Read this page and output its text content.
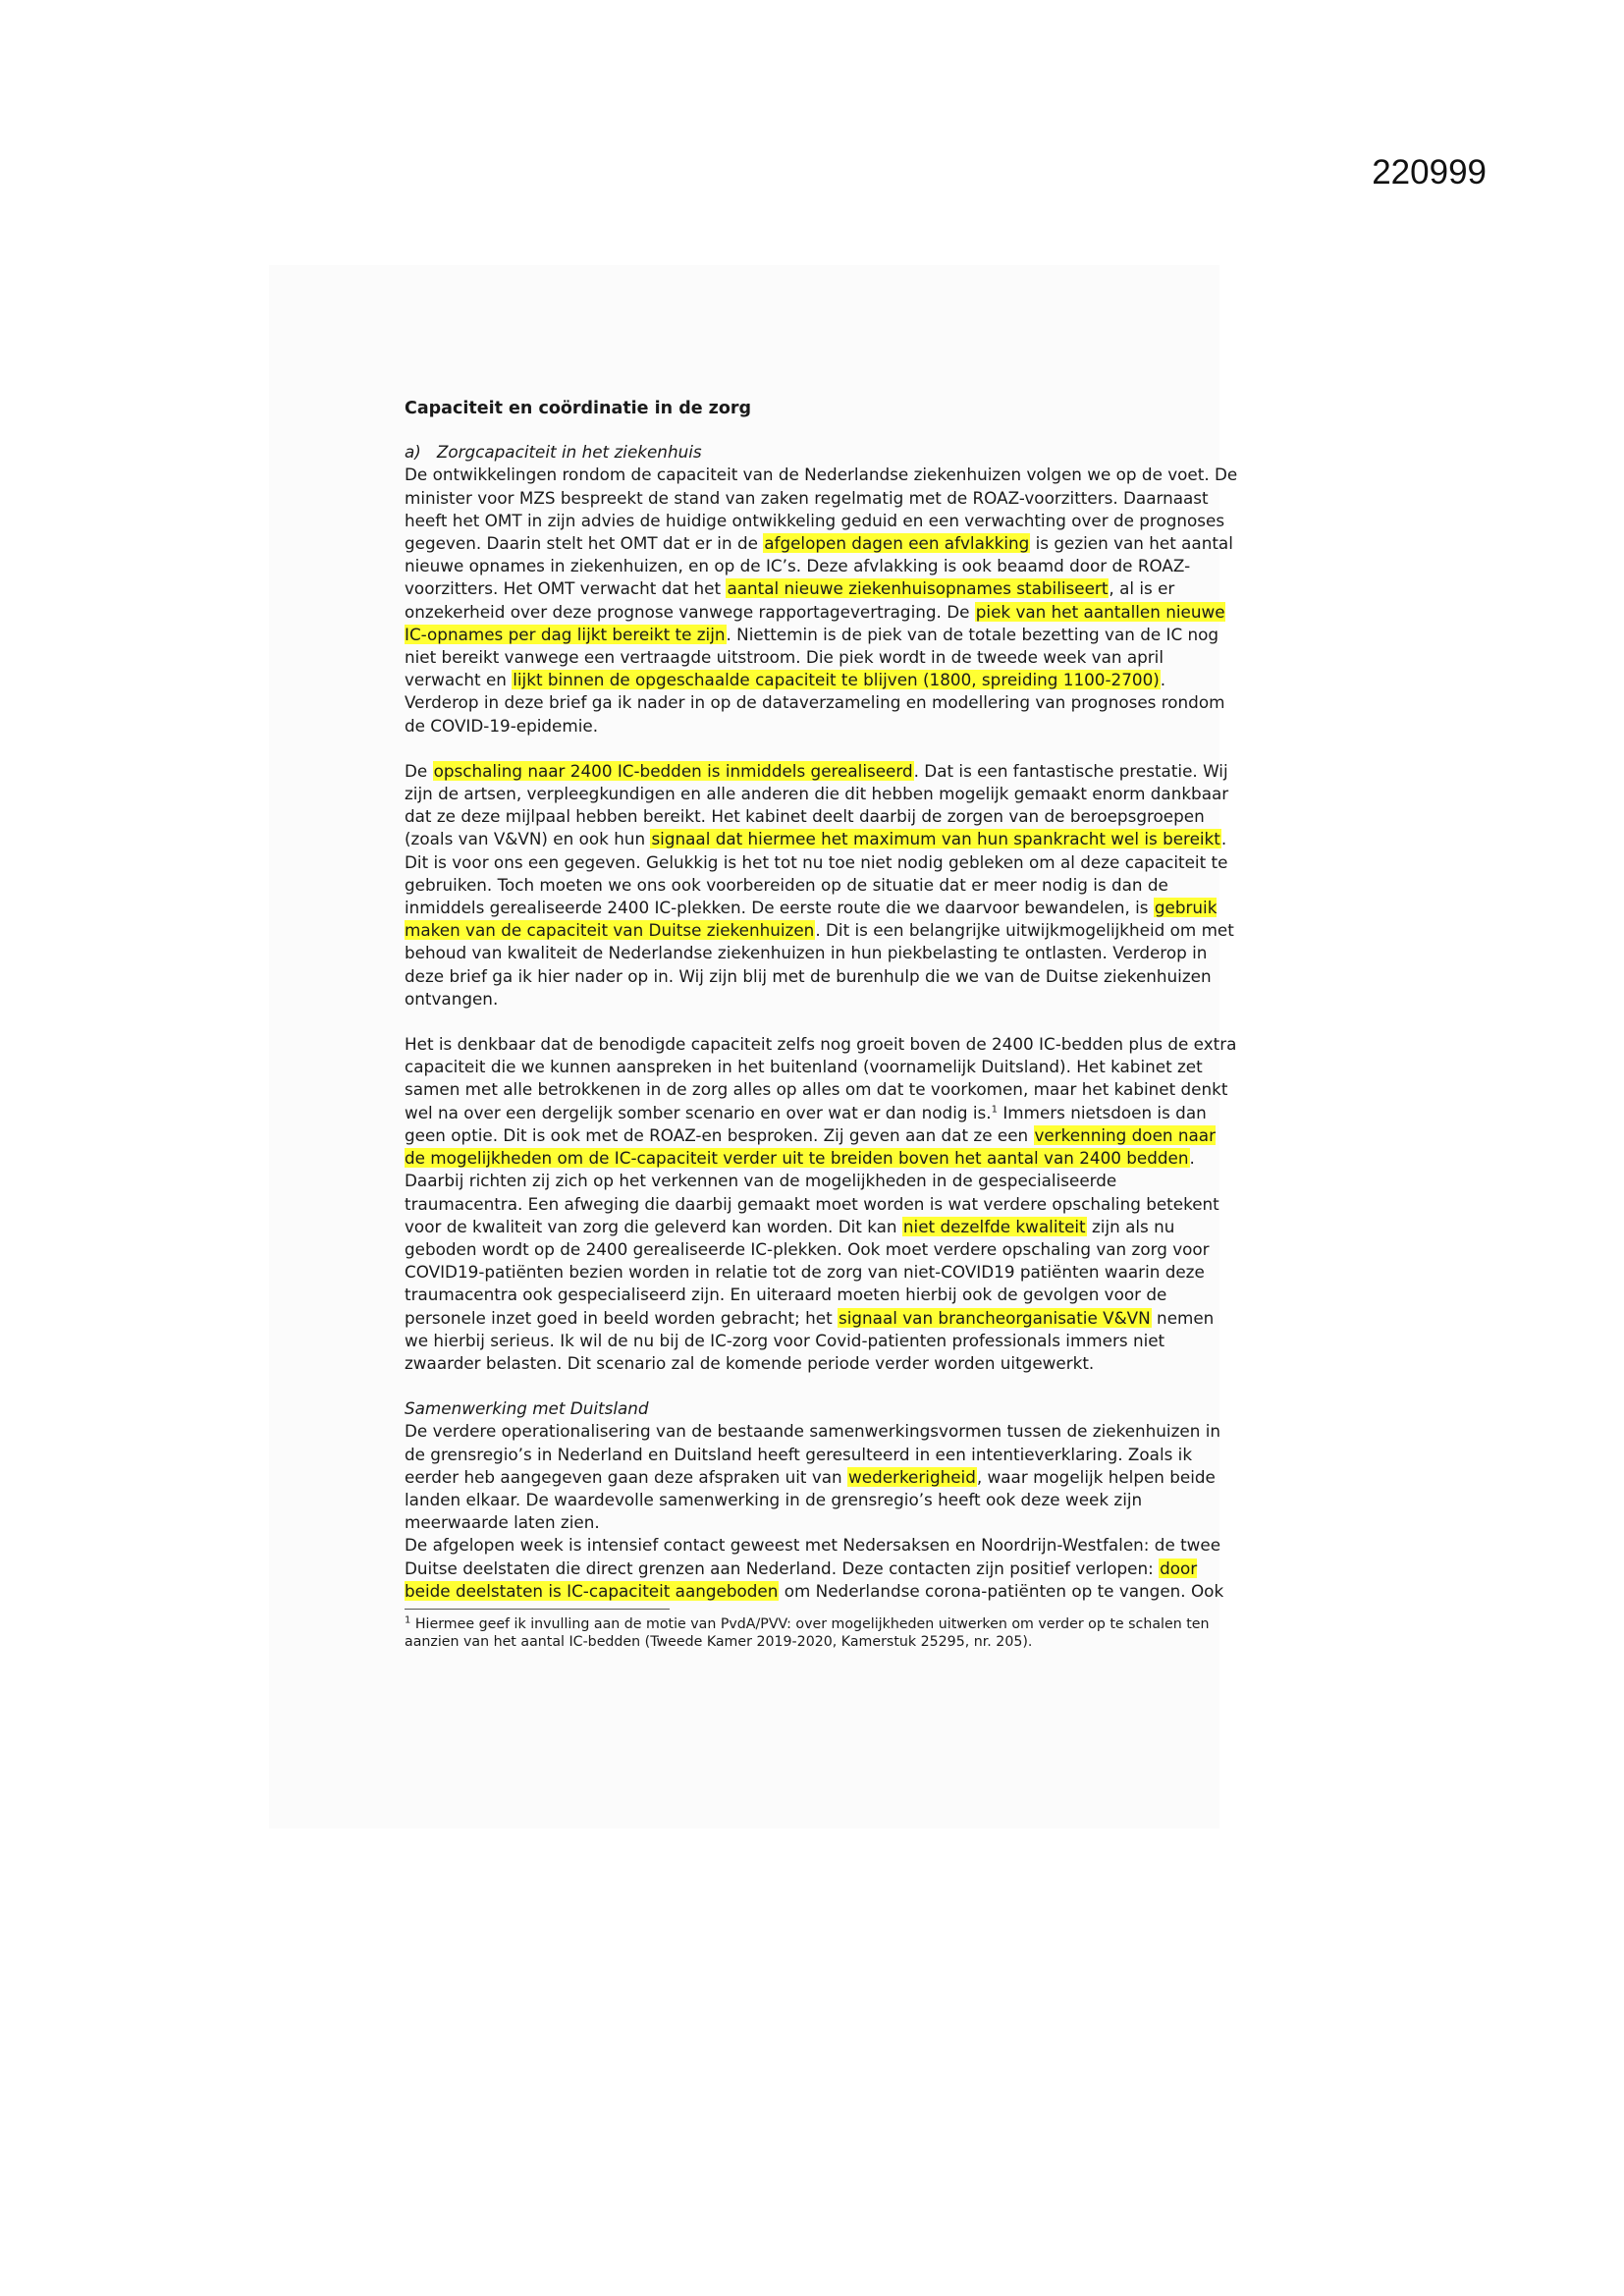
220999

Capaciteit en coördinatie in de zorg

a)   Zorgcapaciteit in het ziekenhuis

De ontwikkelingen rondom de capaciteit van de Nederlandse ziekenhuizen volgen we op de voet. De minister voor MZS bespreekt de stand van zaken regelmatig met de ROAZ-voorzitters. Daarnaast heeft het OMT in zijn advies de huidige ontwikkeling geduid en een verwachting over de prognoses gegeven. Daarin stelt het OMT dat er in de afgelopen dagen een afvlakking is gezien van het aantal nieuwe opnames in ziekenhuizen, en op de IC’s. Deze afvlakking is ook beaamd door de ROAZ-voorzitters. Het OMT verwacht dat het aantal nieuwe ziekenhuisopnames stabiliseert, al is er onzekerheid over deze prognose vanwege rapportagevertraging. De piek van het aantallen nieuwe IC-opnames per dag lijkt bereikt te zijn. Niettemin is de piek van de totale bezetting van de IC nog niet bereikt vanwege een vertraagde uitstroom. Die piek wordt in de tweede week van april verwacht en lijkt binnen de opgeschaalde capaciteit te blijven (1800, spreiding 1100-2700). Verderop in deze brief ga ik nader in op de dataverzameling en modellering van prognoses rondom de COVID-19-epidemie.

De opschaling naar 2400 IC-bedden is inmiddels gerealiseerd. Dat is een fantastische prestatie. Wij zijn de artsen, verpleegkundigen en alle anderen die dit hebben mogelijk gemaakt enorm dankbaar dat ze deze mijlpaal hebben bereikt. Het kabinet deelt daarbij de zorgen van de beroepsgroepen (zoals van V&VN) en ook hun signaal dat hiermee het maximum van hun spankracht wel is bereikt. Dit is voor ons een gegeven. Gelukkig is het tot nu toe niet nodig gebleken om al deze capaciteit te gebruiken. Toch moeten we ons ook voorbereiden op de situatie dat er meer nodig is dan de inmiddels gerealiseerde 2400 IC-plekken. De eerste route die we daarvoor bewandelen, is gebruik maken van de capaciteit van Duitse ziekenhuizen. Dit is een belangrijke uitwijkmogelijkheid om met behoud van kwaliteit de Nederlandse ziekenhuizen in hun piekbelasting te ontlasten. Verderop in deze brief ga ik hier nader op in. Wij zijn blij met de burenhulp die we van de Duitse ziekenhuizen ontvangen.

Het is denkbaar dat de benodigde capaciteit zelfs nog groeit boven de 2400 IC-bedden plus de extra capaciteit die we kunnen aanspreken in het buitenland (voornamelijk Duitsland). Het kabinet zet samen met alle betrokkenen in de zorg alles op alles om dat te voorkomen, maar het kabinet denkt wel na over een dergelijk somber scenario en over wat er dan nodig is.$^1$ Immers nietsdoen is dan geen optie. Dit is ook met de ROAZ-en besproken. Zij geven aan dat ze een verkenning doen naar de mogelijkheden om de IC-capaciteit verder uit te breiden boven het aantal van 2400 bedden. Daarbij richten zij zich op het verkennen van de mogelijkheden in de gespecialiseerde traumacentra. Een afweging die daarbij gemaakt moet worden is wat verdere opschaling betekent voor de kwaliteit van zorg die geleverd kan worden. Dit kan niet dezelfde kwaliteit zijn als nu geboden wordt op de 2400 gerealiseerde IC-plekken. Ook moet verdere opschaling van zorg voor COVID19-patiënten bezien worden in relatie tot de zorg van niet-COVID19 patiënten waarin deze traumacentra ook gespecialiseerd zijn. En uiteraard moeten hierbij ook de gevolgen voor de personele inzet goed in beeld worden gebracht; het signaal van brancheorganisatie V&VN nemen we hierbij serieus. Ik wil de nu bij de IC-zorg voor Covid-patienten professionals immers niet zwaarder belasten. Dit scenario zal de komende periode verder worden uitgewerkt.

Samenwerking met Duitsland

De verdere operationalisering van de bestaande samenwerkingsvormen tussen de ziekenhuizen in de grensregio’s in Nederland en Duitsland heeft geresulteerd in een intentieverklaring. Zoals ik eerder heb aangegeven gaan deze afspraken uit van wederkerigheid, waar mogelijk helpen beide landen elkaar. De waardevolle samenwerking in de grensregio’s heeft ook deze week zijn meerwaarde laten zien.

De afgelopen week is intensief contact geweest met Nedersaksen en Noordrijn-Westfalen: de twee Duitse deelstaten die direct grenzen aan Nederland. Deze contacten zijn positief verlopen: door beide deelstaten is IC-capaciteit aangeboden om Nederlandse corona-patiënten op te vangen. Ook

$^1$ Hiermee geef ik invulling aan de motie van PvdA/PVV: over mogelijkheden uitwerken om verder op te schalen ten aanzien van het aantal IC-bedden (Tweede Kamer 2019-2020, Kamerstuk 25295, nr. 205).
